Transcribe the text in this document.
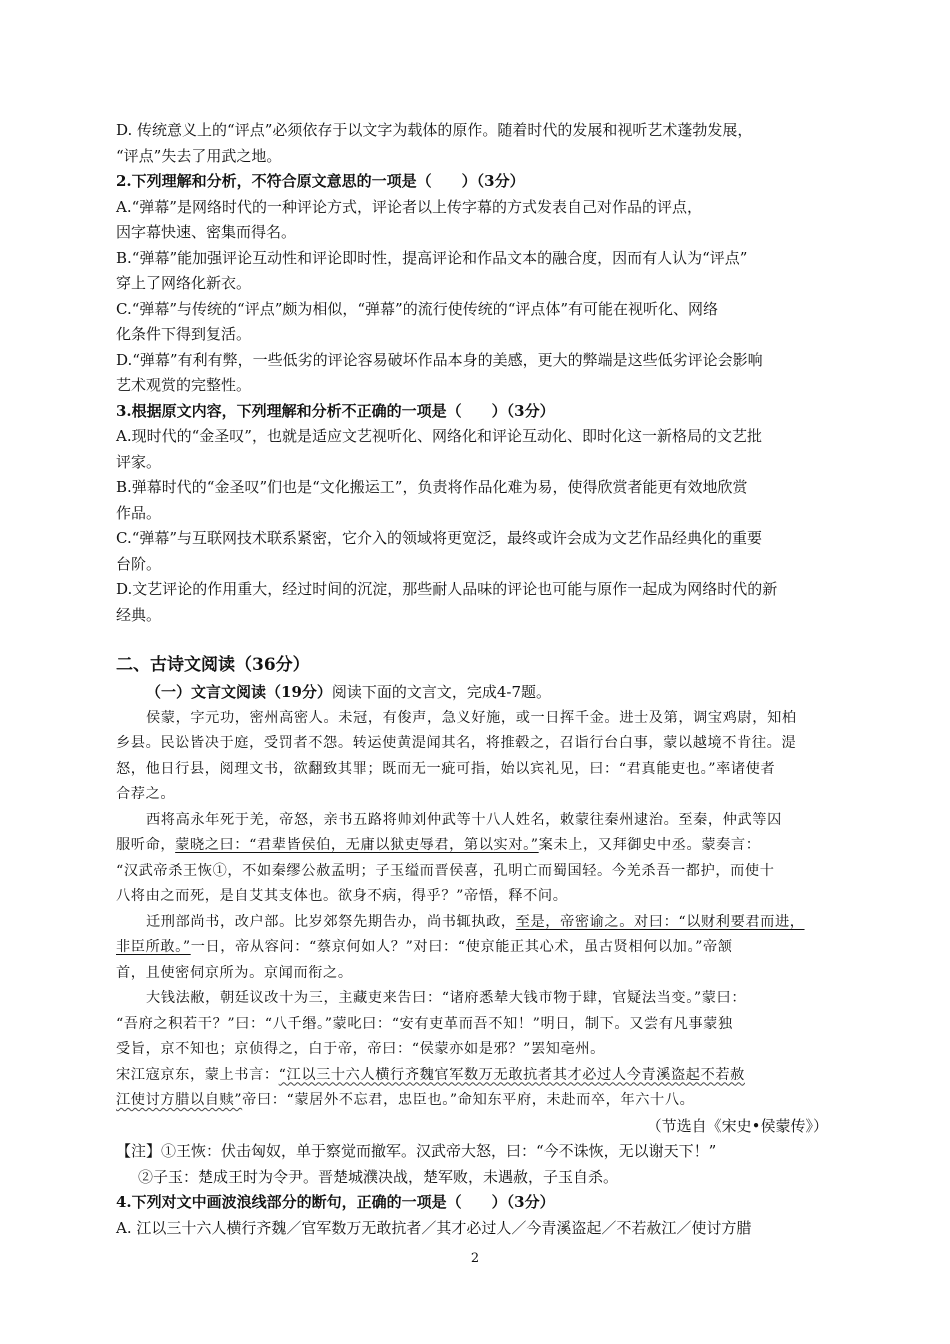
D. 传统意义上的“评点”必须依存于以文字为载体的原作。随着时代的发展和视听艺术蓬勃发展，
“评点”失去了用武之地。
2.下列理解和分析，不符合原文意思的一项是（　　）（3分）
A.“弹幕”是网络时代的一种评论方式，评论者以上传字幕的方式发表自己对作品的评点，
因字幕快速、密集而得名。
B.“弹幕”能加强评论互动性和评论即时性，提高评论和作品文本的融合度，因而有人认为“评点”
穿上了网络化新衣。
C.“弹幕”与传统的“评点”颇为相似，“弹幕”的流行使传统的“评点体”有可能在视听化、网络
化条件下得到复活。
D.“弹幕”有利有弊，一些低劣的评论容易破坏作品本身的美感，更大的弊端是这些低劣评论会影响
艺术观赏的完整性。
3.根据原文内容，下列理解和分析不正确的一项是（　　）（3分）
A.现时代的“金圣叹”，也就是适应文艺视听化、网络化和评论互动化、即时化这一新格局的文艺批
评家。
B.弹幕时代的“金圣叹”们也是“文化搬运工”，负责将作品化难为易，使得欣赏者能更有效地欣赏
作品。
C.“弹幕”与互联网技术联系紧密，它介入的领域将更宽泛，最终或许会成为文艺作品经典化的重要
台阶。
D.文艺评论的作用重大，经过时间的沉淀，那些耐人品味的评论也可能与原作一起成为网络时代的新
经典。
二、古诗文阅读（36分）
（一）文言文阅读（19分）阅读下面的文言文，完成4-7题。
侯蒙，字元功，密州高密人。未冠，有俊声，急义好施，或一日挥千金。进士及第，调宝鸡尉，知柏
乡县。民讼皆决于庭，受罚者不怨。转运使黄湜闻其名，将推毂之，召诣行台白事，蒙以越境不肯往。湜
怒，他日行县，阅理文书，欲翻致其罪；既而无一疵可指，始以宾礼见，曰：“君真能吏也。”率诸使者
合荐之。
西将高永年死于羌，帝怒，亲书五路将帅刘仲武等十八人姓名，敕蒙往秦州逮治。至秦，仲武等囚
服听命，蒙晓之曰：“君辈皆侯伯，无庸以狱吏辱君，第以实对。”案未上，又拜御史中丞。蒙奏言：
“汉武帝杀王恢①，不如秦缪公赦孟明；子玉缢而晋侯喜，孔明亡而蜀国轻。今羌杀吾一都护，而使十
八将由之而死，是自艾其支体也。欲身不病，得乎？”帝悟，释不问。
迁刑部尚书，改户部。比岁郊祭先期告办，尚书辄执政，至是，帝密谕之。对曰：“以财利要君而进，
非臣所敢。”一日，帝从容问：“蔡京何如人？”对曰：“使京能正其心术，虽古贤相何以加。”帝颔
首，且使密伺京所为。京闻而衔之。
大钱法敝，朝廷议改十为三，主藏吏来告曰：“诸府悉辇大钱市物于肆，官疑法当变。”蒙曰：
“吾府之积若干？”曰：“八千缗。”蒙叱曰：“安有吏革而吾不知！”明日，制下。又尝有凡事蒙独
受旨，京不知也；京侦得之，白于帝，帝曰：“侯蒙亦如是邪？”罢知亳州。
宋江寇京东，蒙上书言：“江以三十六人横行齐魏官军数万无敢抗者其才必过人今青溪盗起不若赦
江使讨方腊以自赎”帝曰：“蒙居外不忘君，忠臣也。”命知东平府，未赴而卒，年六十八。
（节选自《宋史•侯蒙传》）
【注】①王恢：伏击匈奴，单于察觉而撤军。汉武帝大怒，曰：“今不诛恢，无以谢天下！”
②子玉：楚成王时为令尹。晋楚城濮决战，楚军败，未遇赦，子玉自杀。
4.下列对文中画波浪线部分的断句，正确的一项是（　　）（3分）
A. 江以三十六人横行齐魏／官军数万无敢抗者／其才必过人／今青溪盗起／不若赦江／使讨方腊
2
